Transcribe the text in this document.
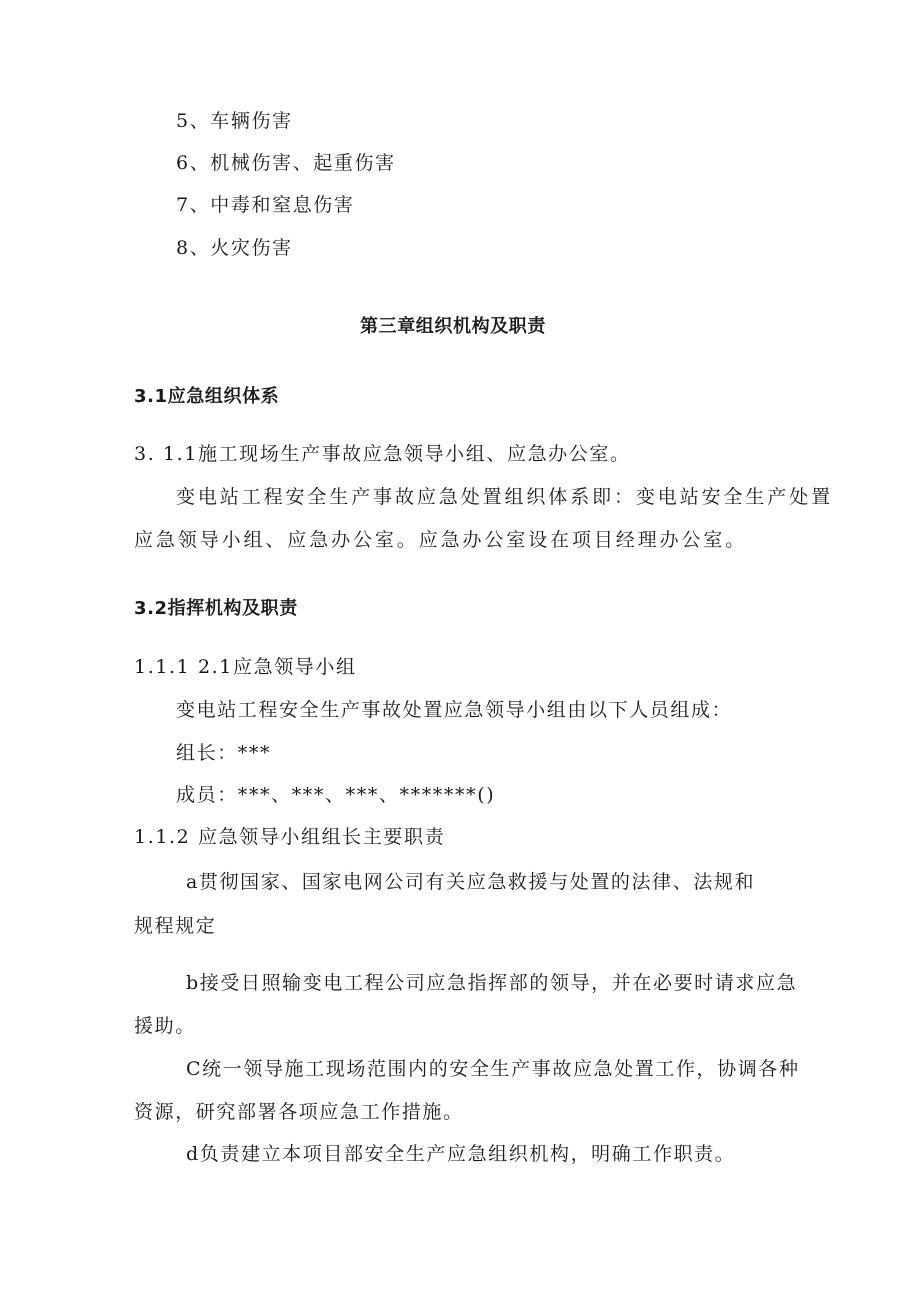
5、车辆伤害
6、机械伤害、起重伤害
7、中毒和窒息伤害
8、火灾伤害
第三章组织机构及职责
3.1应急组织体系
3. 1.1施工现场生产事故应急领导小组、应急办公室。
变电站工程安全生产事故应急处置组织体系即：变电站安全生产处置
应急领导小组、应急办公室。应急办公室设在项目经理办公室。
3.2指挥机构及职责
1.1.1 2.1应急领导小组
变电站工程安全生产事故处置应急领导小组由以下人员组成：
组长：***
成员：***、***、***、*******()
1.1.2 应急领导小组组长主要职责
a贯彻国家、国家电网公司有关应急救援与处置的法律、法规和
规程规定
b接受日照输变电工程公司应急指挥部的领导，并在必要时请求应急
援助。
C统一领导施工现场范围内的安全生产事故应急处置工作，协调各种
资源，研究部署各项应急工作措施。
d负责建立本项目部安全生产应急组织机构，明确工作职责。
